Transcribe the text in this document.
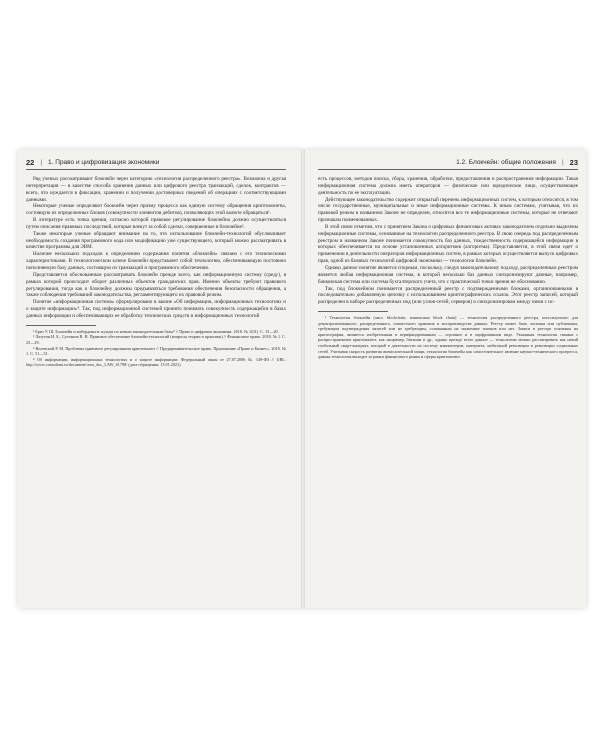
22 | 1. Право и цифровизация экономики

Ряд ученых рассматривают блокчейн через категорию «технология распределенного реестра». Возможна и другая интерпретация — в качестве способа хранения данных или цифрового реестра транзакций, сделок, контрактов — всего, что нуждается в фиксации, хранении и получении достоверных сведений об операциях с соответствующими данными.

Некоторые ученые определяют блокчейн через призму процесса как единую систему обращения криптомонеты, состоящую из определенных блоков (совокупности элементов дебитов), позволяющих этой валюте обращаться¹.

В литературе есть точка зрения, согласно которой правовое регулирование блокчейна должно осуществляться путем описания правовых последствий, которые влекут за собой сделки, совершенные в блокчейне².

Также некоторые ученые обращают внимание на то, что использование блокчейн-технологий обусловливает необходимость создания программного кода или модификацию уже существующего, который можно рассматривать в качестве программы для ЭВМ.

Наличие нескольких подходов к определению содержания понятия «блокчейн» связано с его техническими характеристиками. В технологическом ключе блокчейн представляет собой технологию, обеспечивающую постоянно пополняемую базу данных, состоящую из транзакций и программного обеспечения.

Представляется обоснованным рассматривать блокчейн прежде всего, как информационную систему (среду), в рамках которой происходит оборот различных объектов гражданских прав. Именно объекты требуют правового регулирования, тогда как к блокчейну должны предъявляться требования обеспечения безопасности обращения, а также соблюдения требований законодательства, регламентирующего их правовой режим.

Понятие «информационная система» сформулировано в законе «Об информации, информационных технологиях и о защите информации»⁴. Так, под информационной системой принято понимать совокупность содержащейся в базах данных информации и обеспечивающих ее обработку технических средств и информационных технологий

¹ Бриз У. Ш. Блокчейн и киберденьги: нужды по новым законодательным базы? // Право и цифровая экономика. 2018. № 1(01). С. 15—20.

² Лазутин И. Б., Султанов В. Н. Правовое обеспечение блокчейн-технологий (вопросы теории и практики) // Финансовое право. 2018. № 1. С. 25—29.

³ Волевской Р. М. Проблемы правового регулирования криптовалют // Предпринимательское право. Приложение «Право и Бизнес». 2018. № 1. С. 51—51.

⁴ Об информации, информационных технологиях и о защите информации: Федеральный закон от 27.07.2006 № 149-ФЗ // URL: http://www.consultant.ru/document/cons_doc_LAW_61798/ (дата обращения: 15.01.2021).

1.2. Блокчейн: общие положения | 23

есть процессов, методов поиска, сбора, хранения, обработки, предоставления и распространения информации. Такая информационная система должна иметь операторов — физическое или юридическое лицо, осуществляющее деятельность по ее эксплуатации.

Действующее законодательство содержит открытый перечень информационных систем, к которым относятся, в том числе государственные, муниципальные и иные информационные системы. К иным системам, учитывая, что их правовой режим в названном Законе не определен, относятся все те информационные системы, которые не отвечают признакам поименованных.

В этой связи отметим, что с принятием Закона о цифровых финансовых активах законодателем отдельно выделены информационные системы, основанные на технологии распределенного реестра. В свою очередь под распределенным реестром в названном Законе понимается совокупность баз данных, тождественность содержащейся информации в которых обеспечивается на основе установленных алгоритмов (алгоритма). Представляется, в этой связи идет о применении в деятельности операторов информационных систем, в рамках которых осуществляется выпуск цифровых прав, одной из базовых технологий цифровой экономики — технологии блокчейн.

Однако данное понятие является спорным, поскольку, следуя законодательному подходу, распределенным реестром является любая информационная система, в которой несколько баз данных синхронизируют данные, например, банковская система или система бухгалтерского учета, что с практической точки зрения не обоснованно.

Так, под блокчейном понимается распределенный реестр с подтвержденными блоками, организованными в последовательно добавляемую цепочку с использованием криптографических ссылок. Этот реестр записей, который распределен в наборе распределенных нод (или узлов-сетей, серверов) и синхронизирован между ними с ис-

¹ Технология блокчейн (англ. blockchain, изначально block chain) — технология распределенного реестра, используемого для децентрализованного, распределенного, совместного хранения и воспроизводства данных. Реестр может быть частным или публичным, требующим подтверждения записей или не требующим, основанным на экономике токенов или нет. Записи в реестре основаны на криптографии, являются изобретенным и верифицированным — огромное и в оцифрованном виде. Указанная технология связана с распространением криптовалют, как например, биткоин и др., однако прежде всего данное — технологию можно рассматривать как некий глобальный смарт-контракт, который в деятельности на систему компьютеров, интернета, мобильной революции и революции социальных сетей. Учитывая скорость развития вычислительной мощи, технология блокчейн как самостоятельное явление научно-технического прогресса, данная технология выходит за рамки финансового рынка и сферы криптовалют.
